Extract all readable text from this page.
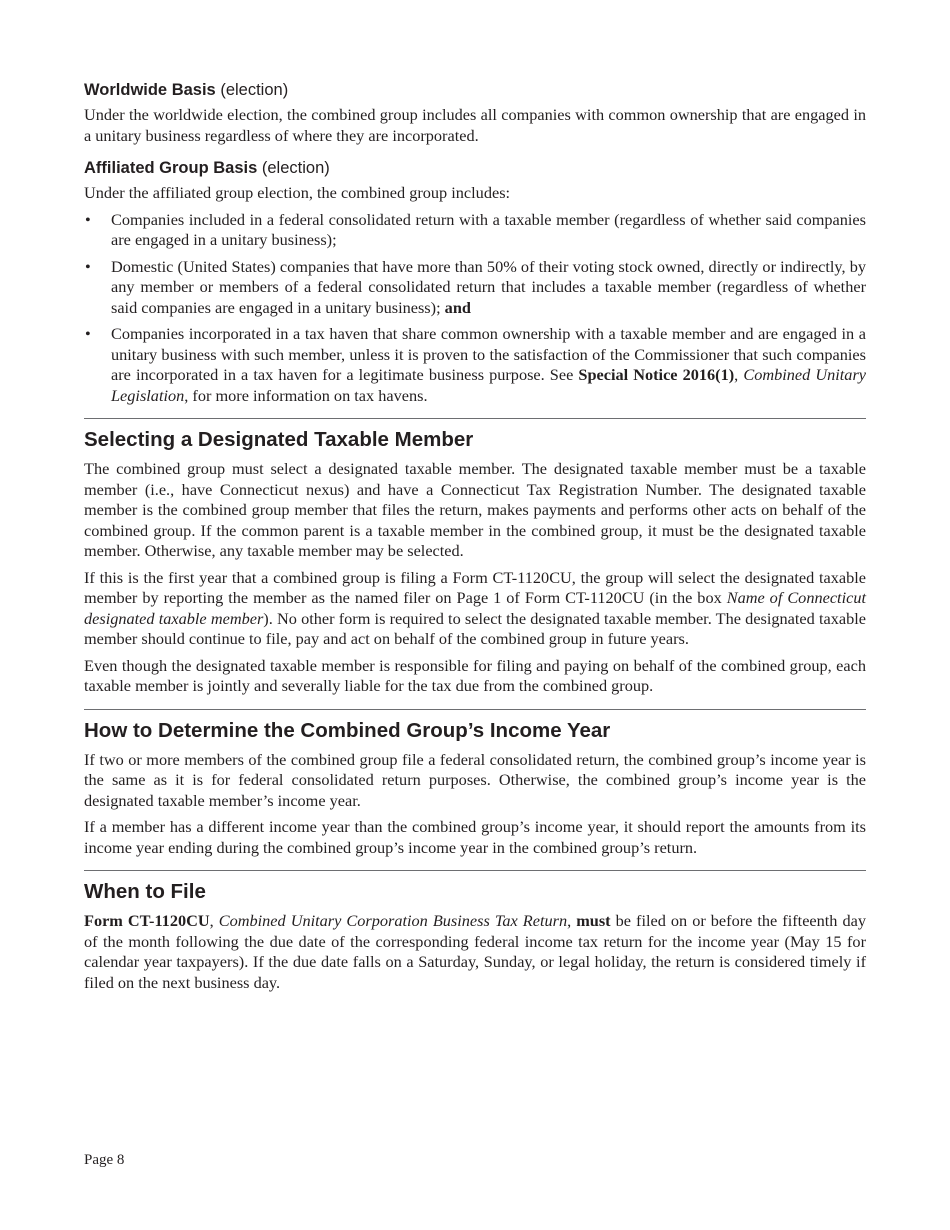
Worldwide Basis (election)

Under the worldwide election, the combined group includes all companies with common ownership that are engaged in a unitary business regardless of where they are incorporated.

Affiliated Group Basis (election)

Under the affiliated group election, the combined group includes:

• Companies included in a federal consolidated return with a taxable member (regardless of whether said companies are engaged in a unitary business);
• Domestic (United States) companies that have more than 50% of their voting stock owned, directly or indirectly, by any member or members of a federal consolidated return that includes a taxable member (regardless of whether said companies are engaged in a unitary business); and
• Companies incorporated in a tax haven that share common ownership with a taxable member and are engaged in a unitary business with such member, unless it is proven to the satisfaction of the Commissioner that such companies are incorporated in a tax haven for a legitimate business purpose. See Special Notice 2016(1), Combined Unitary Legislation, for more information on tax havens.
Selecting a Designated Taxable Member

The combined group must select a designated taxable member. The designated taxable member must be a taxable member (i.e., have Connecticut nexus) and have a Connecticut Tax Registration Number. The designated taxable member is the combined group member that files the return, makes payments and performs other acts on behalf of the combined group. If the common parent is a taxable member in the combined group, it must be the designated taxable member. Otherwise, any taxable member may be selected.

If this is the first year that a combined group is filing a Form CT-1120CU, the group will select the designated taxable member by reporting the member as the named filer on Page 1 of Form CT-1120CU (in the box Name of Connecticut designated taxable member). No other form is required to select the designated taxable member. The designated taxable member should continue to file, pay and act on behalf of the combined group in future years.

Even though the designated taxable member is responsible for filing and paying on behalf of the combined group, each taxable member is jointly and severally liable for the tax due from the combined group.

How to Determine the Combined Group’s Income Year

If two or more members of the combined group file a federal consolidated return, the combined group’s income year is the same as it is for federal consolidated return purposes. Otherwise, the combined group’s income year is the designated taxable member’s income year.

If a member has a different income year than the combined group’s income year, it should report the amounts from its income year ending during the combined group’s income year in the combined group’s return.

When to File

Form CT-1120CU, Combined Unitary Corporation Business Tax Return, must be filed on or before the fifteenth day of the month following the due date of the corresponding federal income tax return for the income year (May 15 for calendar year taxpayers). If the due date falls on a Saturday, Sunday, or legal holiday, the return is considered timely if filed on the next business day.

Page 8
